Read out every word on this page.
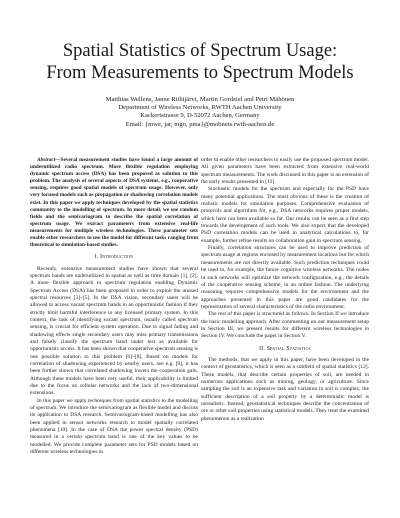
Spatial Statistics of Spectrum Usage:
From Measurements to Spectrum Models
Matthias Wellens, Janne Riihijärvi, Martin Gordziel and Petri Mähönen
Department of Wireless Networks, RWTH Aachen University
Kackertstrasse 9, D-52072 Aachen, Germany
Email: {mwe, jar, mgo, pma}@mobnets.rwth-aachen.de

Abstract—Several measurement studies have found a large amount of underutilized radio spectrum. More flexible regulation employing dynamic spectrum access (DSA) has been proposed as solution to this problem. The analysis of several aspects of DSA systems, e.g., cooperative sensing, requires good spatial models of spectrum usage. However, only very focused models such as propagation or shadowing correlation models exist. In this paper we apply techniques developed by the spatial statistics community to the modelling of spectrum. In more detail, we use random fields and the semivariogram to describe the spatial correlation of spectrum usage. We extract parameters from extensive real-life measurements for multiple wireless technologies. These parameter sets enable other researchers to use the model for different tasks ranging from theoretical to simulation-based studies.

I. Introduction

Recently, extensive measurement studies have shown that several spectrum bands are underutilized in spatial as well as time domain [1], [2]. A more flexible approach to spectrum regulation enabling Dynamic Spectrum Access (DSA) has been proposed in order to exploit the unused spectral resources [3]–[5]. In the DSA vision, secondary users will be allowed to access vacant spectrum bands in an opportunistic fashion if they strictly limit harmful interference to any licensed primary system. In this context, the task of identifying vacant spectrum, usually called spectrum sensing, is crucial for efficient system operation. Due to signal fading and shadowing effects single secondary users may miss primary transmissions and falsely classify the spectrum band under test as available for opportunistic access. It has been shown that cooperative spectrum sensing is one possible solution to this problem [6]–[8]. Based on models for correlation of shadowing experienced by nearby users, see e.g. [9], it has been further shown that correlated shadowing lowers the cooperation gain. Although these models have been very useful, their applicability is limited due to the focus on cellular networks and the lack of two-dimensional extensions.

In this paper we apply techniques from spatial statistics to the modelling of spectrum. We introduce the semivariogram as flexible model and discuss its application to DSA research. Semivariogram-based modelling has also been applied in sensor networks research to model spatially correlated phenomena [10]. In the case of DSA the power spectral density (PSD) measured in a certain spectrum band is one of the key values to be modelled. We provide complete parameter sets for PSD models based on different wireless technologies in

order to enable other researchers to easily use the proposed spectrum model. All given parameters have been extracted from extensive real-world spectrum measurements. The work discussed in this paper is an extension of the early results presented in [11].

Stochastic models for the spectrum and especially for the PSD have many potential applications. The most obvious of these is the creation of realistic models for simulation purposes. Comprehensive evaluation of protocols and algorithms for, e.g., DSA networks requires proper models, which have not been available so far. Our results can be seen as a first step towards the development of such tools. We also expect that the developed PSD correlation models can be used in analytical calculations to, for example, further refine results on collaboration gain in spectrum sensing.

Finally, correlation structures can be used to improve prediction of spectrum usage at regions enclosed by measurement locations but for which measurements are not directly available. Such prediction techniques could be used in, for example, the future cognitive wireless networks. The nodes in such networks will optimize the network configuration, e.g., the details of the cooperative sensing scheme, in an online fashion. The underlying reasoning requires comprehensive models for the environment and the approaches presented in this paper are good candidates for the representation of several characteristics of the radio environment.

The rest of this paper is structured as follows. In Section II we introduce the basic modelling approach. After commenting on our measurement setup in Section III, we present results for different wireless technologies in Section IV. We conclude the paper in Section V.

II. Spatial Statistics

The methods, that we apply in this paper, have been developed in the context of geostatistics, which is seen as a subfield of spatial statistics [12]. These models, that describe certain properties of soil, are needed in numerous applications such as mining, geology, or agriculture. Since sampling the soil is an expensive task and variation in soil is complex, the sufficient description of a soil property by a deterministic model is unrealistic. Instead, geostatistical techniques describe the concentration of ore or other soil properties using statistical models. They treat the examined phenomenon as a realization
